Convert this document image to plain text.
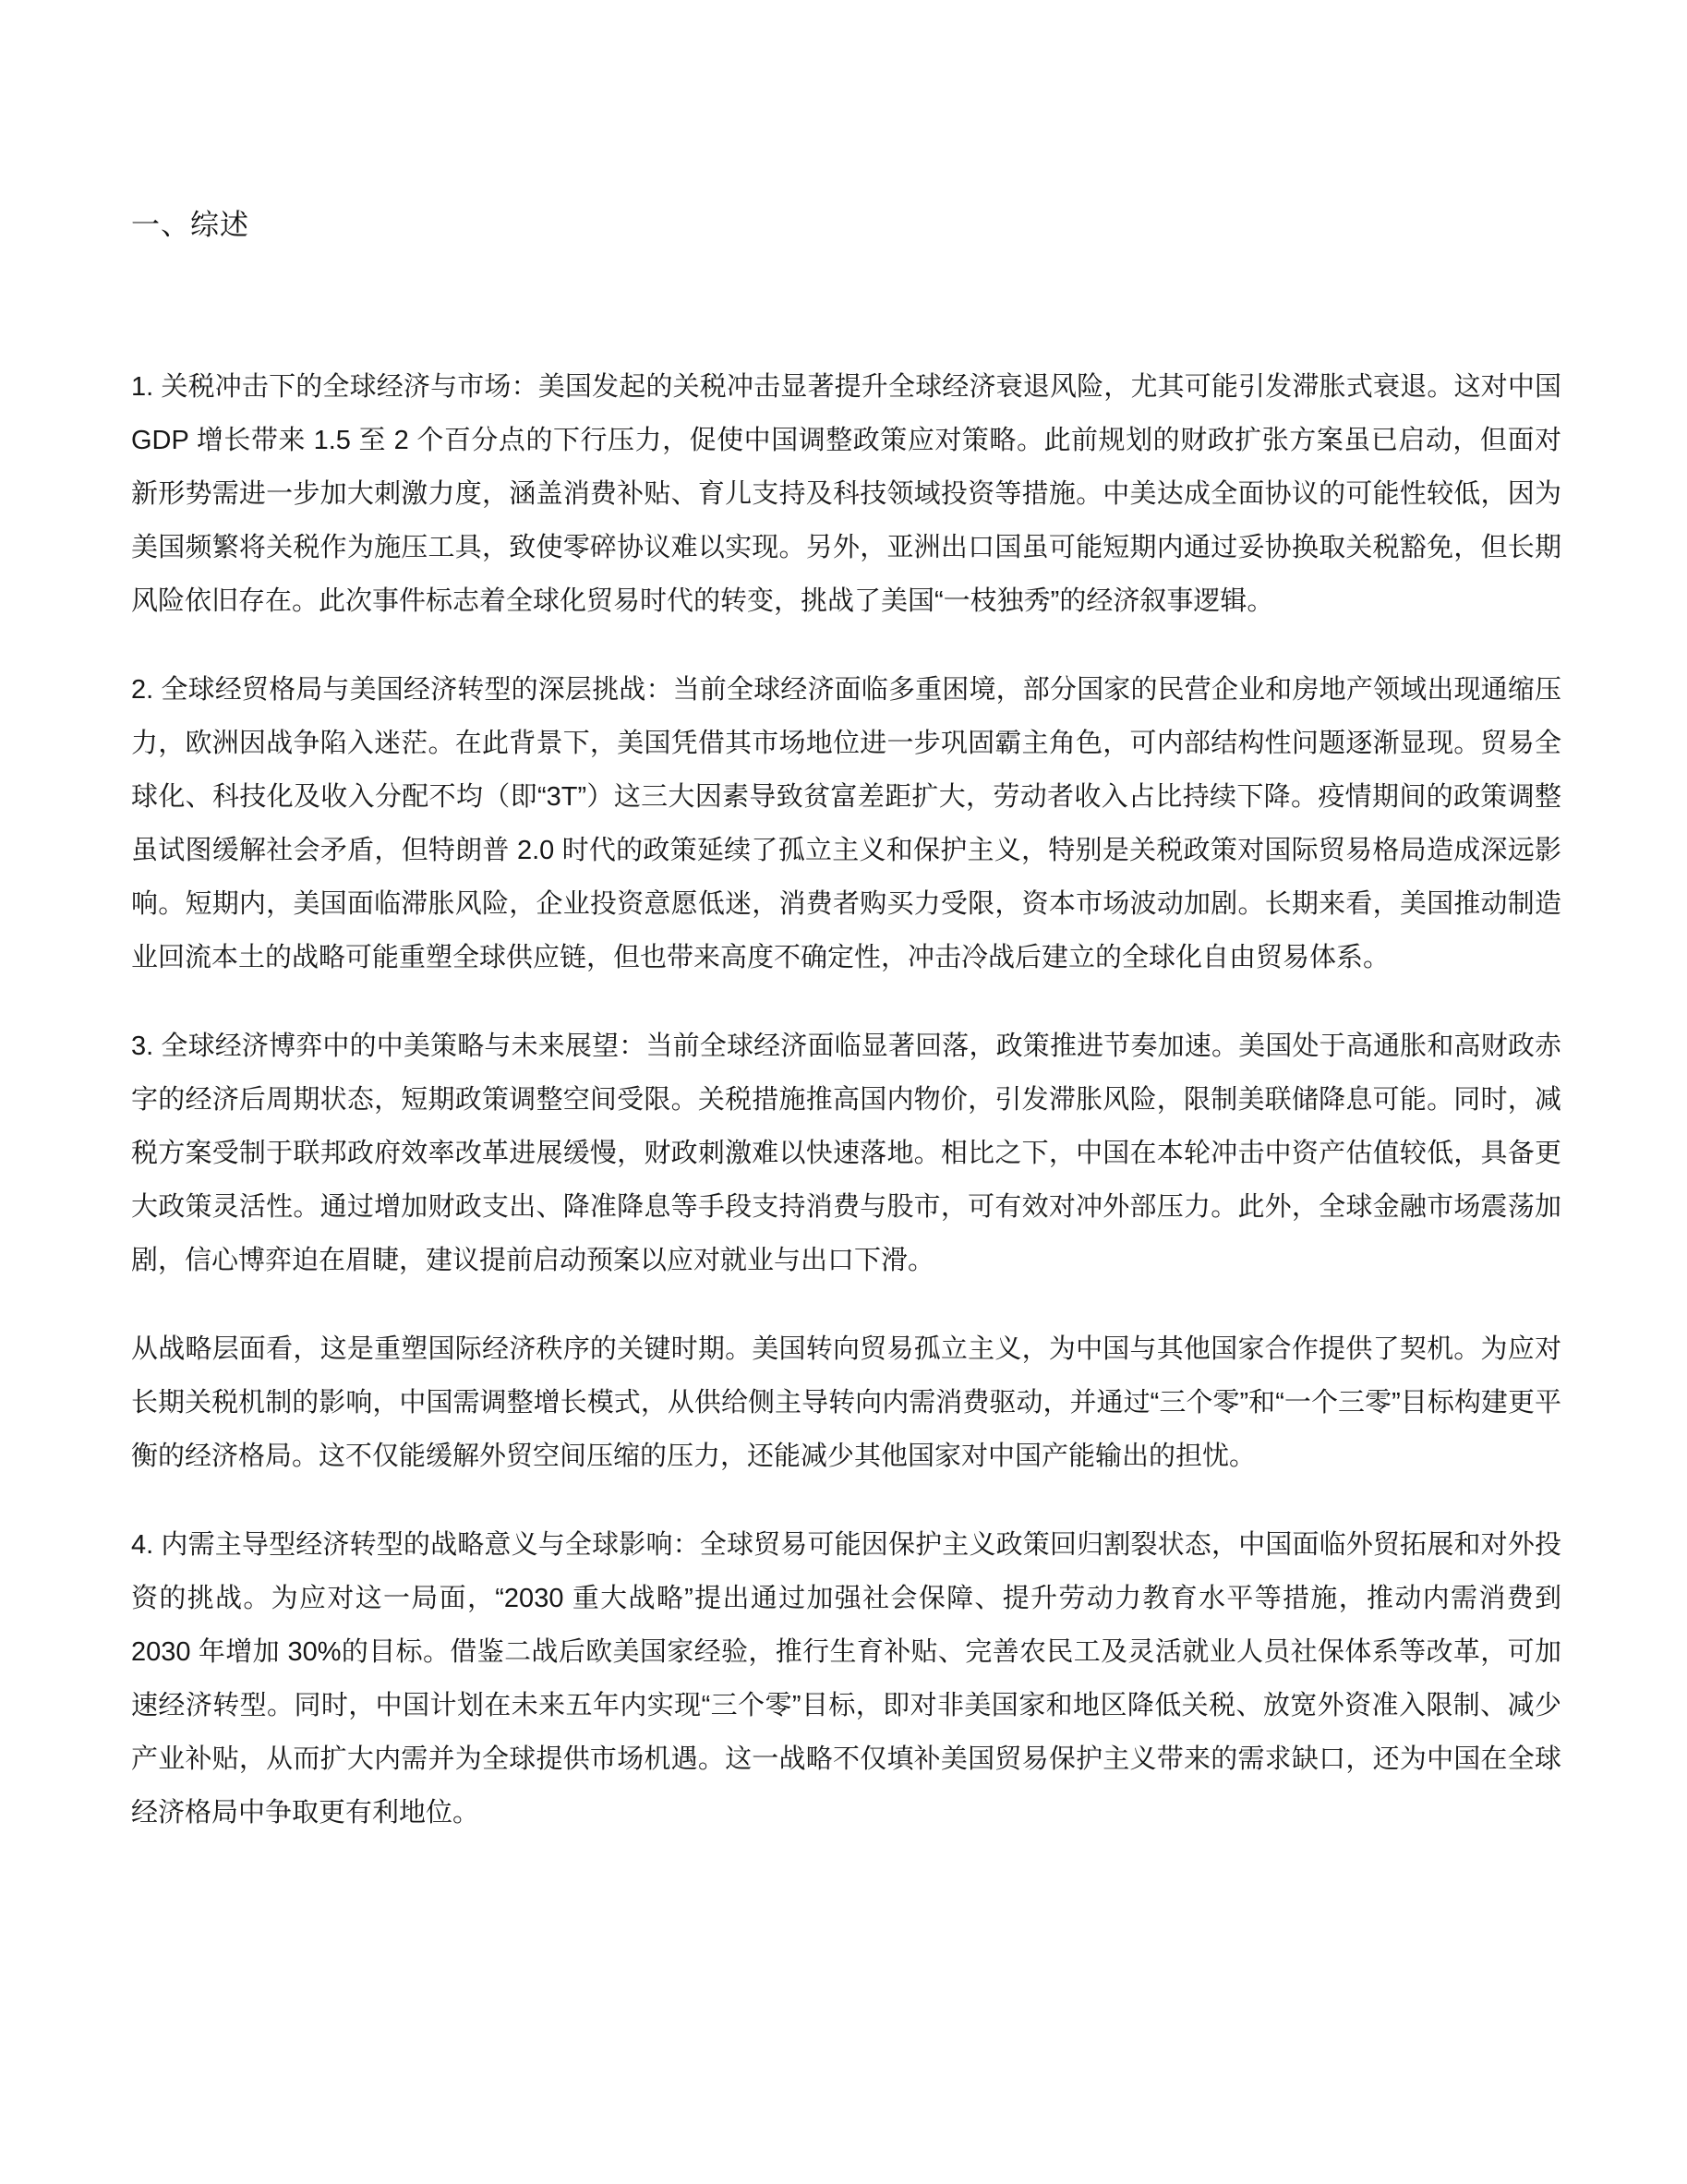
一、综述

1. 关税冲击下的全球经济与市场：美国发起的关税冲击显著提升全球经济衰退风险，尤其可能引发滞胀式衰退。这对中国 GDP 增长带来 1.5 至 2 个百分点的下行压力，促使中国调整政策应对策略。此前规划的财政扩张方案虽已启动，但面对新形势需进一步加大刺激力度，涵盖消费补贴、育儿支持及科技领域投资等措施。中美达成全面协议的可能性较低，因为美国频繁将关税作为施压工具，致使零碎协议难以实现。另外，亚洲出口国虽可能短期内通过妥协换取关税豁免，但长期风险依旧存在。此次事件标志着全球化贸易时代的转变，挑战了美国“一枝独秀”的经济叙事逻辑。

2. 全球经贸格局与美国经济转型的深层挑战：当前全球经济面临多重困境，部分国家的民营企业和房地产领域出现通缩压力，欧洲因战争陷入迷茫。在此背景下，美国凭借其市场地位进一步巩固霸主角色，可内部结构性问题逐渐显现。贸易全球化、科技化及收入分配不均（即“3T”）这三大因素导致贫富差距扩大，劳动者收入占比持续下降。疫情期间的政策调整虽试图缓解社会矛盾，但特朗普 2.0 时代的政策延续了孤立主义和保护主义，特别是关税政策对国际贸易格局造成深远影响。短期内，美国面临滞胀风险，企业投资意愿低迷，消费者购买力受限，资本市场波动加剧。长期来看，美国推动制造业回流本土的战略可能重塑全球供应链，但也带来高度不确定性，冲击冷战后建立的全球化自由贸易体系。

3. 全球经济博弈中的中美策略与未来展望：当前全球经济面临显著回落，政策推进节奏加速。美国处于高通胀和高财政赤字的经济后周期状态，短期政策调整空间受限。关税措施推高国内物价，引发滞胀风险，限制美联储降息可能。同时，减税方案受制于联邦政府效率改革进展缓慢，财政刺激难以快速落地。相比之下，中国在本轮冲击中资产估值较低，具备更大政策灵活性。通过增加财政支出、降准降息等手段支持消费与股市，可有效对冲外部压力。此外，全球金融市场震荡加剧，信心博弈迫在眉睫，建议提前启动预案以应对就业与出口下滑。

从战略层面看，这是重塑国际经济秩序的关键时期。美国转向贸易孤立主义，为中国与其他国家合作提供了契机。为应对长期关税机制的影响，中国需调整增长模式，从供给侧主导转向内需消费驱动，并通过“三个零”和“一个三零”目标构建更平衡的经济格局。这不仅能缓解外贸空间压缩的压力，还能减少其他国家对中国产能输出的担忧。

4. 内需主导型经济转型的战略意义与全球影响：全球贸易可能因保护主义政策回归割裂状态，中国面临外贸拓展和对外投资的挑战。为应对这一局面，“2030 重大战略”提出通过加强社会保障、提升劳动力教育水平等措施，推动内需消费到 2030 年增加 30%的目标。借鉴二战后欧美国家经验，推行生育补贴、完善农民工及灵活就业人员社保体系等改革，可加速经济转型。同时，中国计划在未来五年内实现“三个零”目标，即对非美国家和地区降低关税、放宽外资准入限制、减少产业补贴，从而扩大内需并为全球提供市场机遇。这一战略不仅填补美国贸易保护主义带来的需求缺口，还为中国在全球经济格局中争取更有利地位。
